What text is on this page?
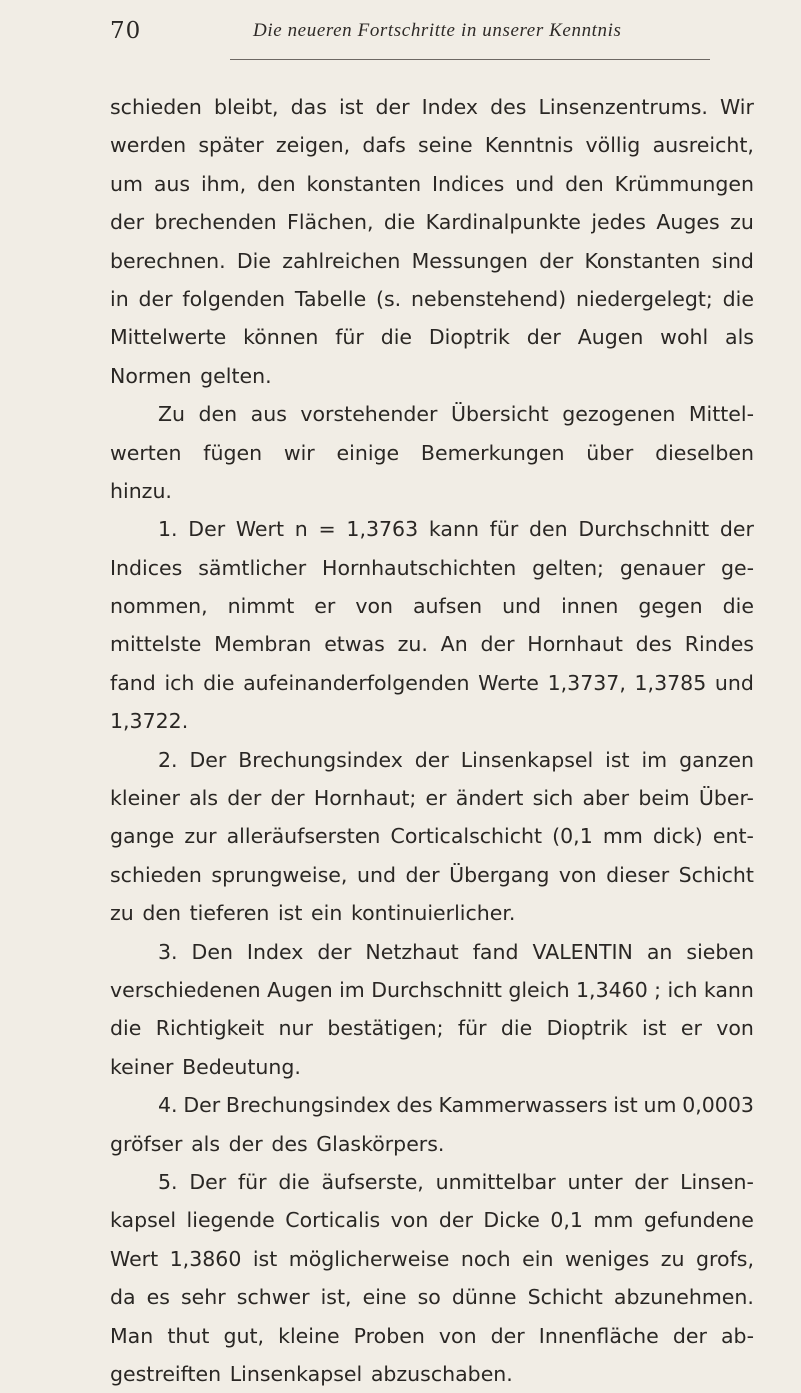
70	Die neueren Fortschritte in unserer Kenntnis
schieden bleibt, das ist der Index des Linsenzentrums. Wir
werden später zeigen, dafs seine Kenntnis völlig ausreicht,
um aus ihm, den konstanten Indices und den Krümmungen
der brechenden Flächen, die Kardinalpunkte jedes Auges zu
berechnen. Die zahlreichen Messungen der Konstanten sind
in der folgenden Tabelle (s. nebenstehend) niedergelegt; die
Mittelwerte können für die Dioptrik der Augen wohl als
Normen gelten.
Zu den aus vorstehender Übersicht gezogenen Mittel-
werten fügen wir einige Bemerkungen über dieselben
hinzu.
1. Der Wert n = 1,3763 kann für den Durchschnitt der
Indices sämtlicher Hornhautschichten gelten; genauer ge-
nommen, nimmt er von aufsen und innen gegen die
mittelste Membran etwas zu. An der Hornhaut des Rindes
fand ich die aufeinanderfolgenden Werte 1,3737, 1,3785 und
1,3722.
2. Der Brechungsindex der Linsenkapsel ist im ganzen
kleiner als der der Hornhaut; er ändert sich aber beim Über-
gange zur alleräufsersten Corticalschicht (0,1 mm dick) ent-
schieden sprungweise, und der Übergang von dieser Schicht
zu den tieferen ist ein kontinuierlicher.
3. Den Index der Netzhaut fand VALENTIN an sieben
verschiedenen Augen im Durchschnitt gleich 1,3460 ; ich kann
die Richtigkeit nur bestätigen; für die Dioptrik ist er von
keiner Bedeutung.
4. Der Brechungsindex des Kammerwassers ist um 0,0003
gröfser als der des Glaskörpers.
5. Der für die äufserste, unmittelbar unter der Linsen-
kapsel liegende Corticalis von der Dicke 0,1 mm gefundene
Wert 1,3860 ist möglicherweise noch ein weniges zu grofs,
da es sehr schwer ist, eine so dünne Schicht abzunehmen.
Man thut gut, kleine Proben von der Innenfläche der ab-
gestreiften Linsenkapsel abzuschaben.
